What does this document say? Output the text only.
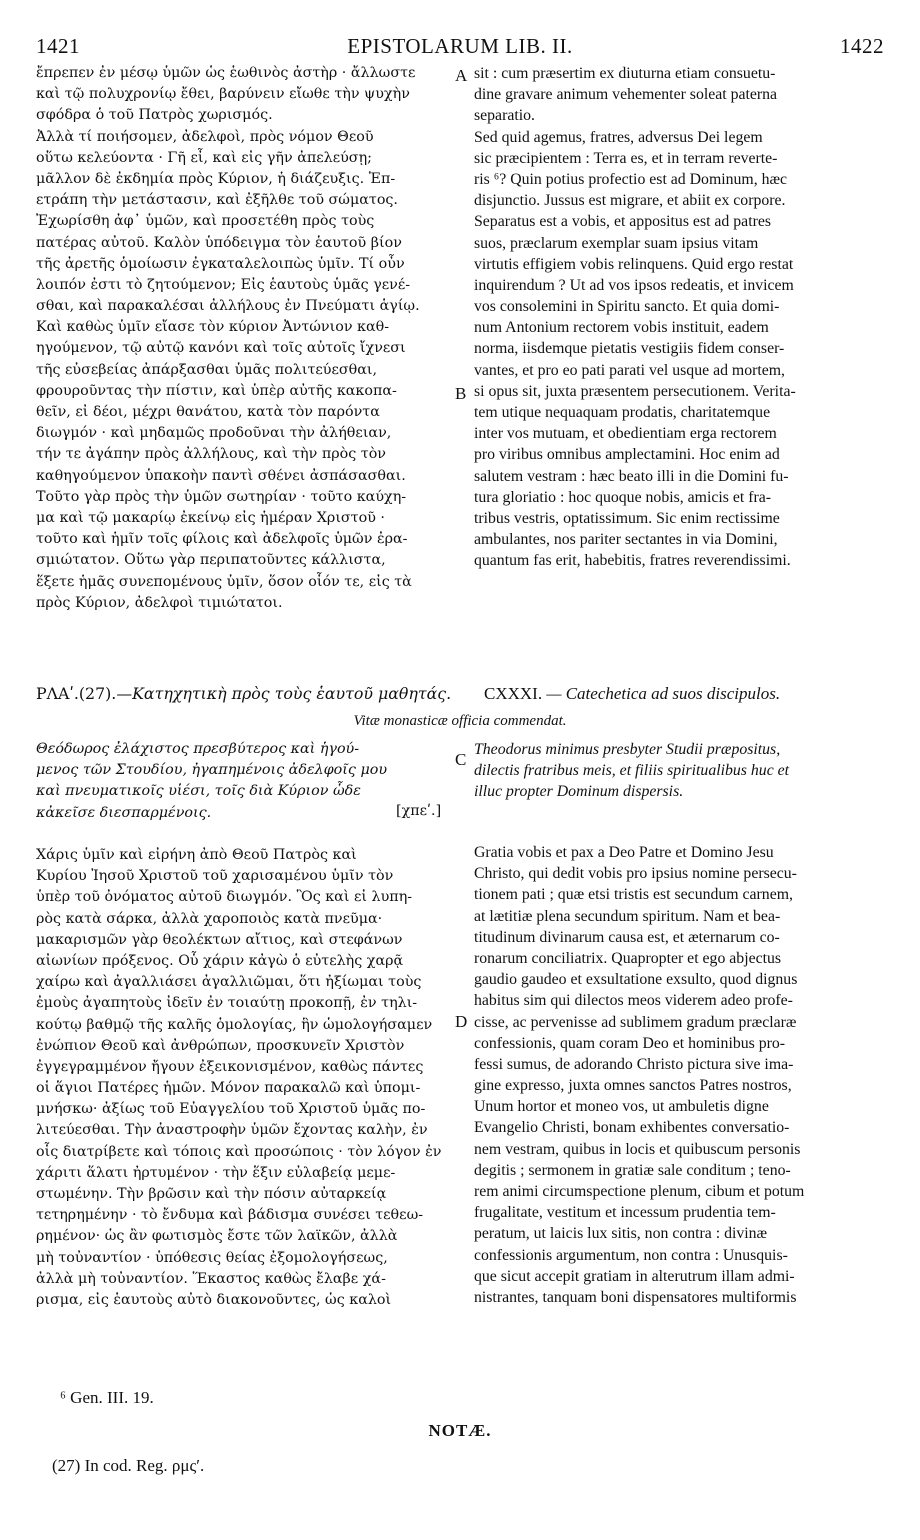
1421	EPISTOLARUM LIB. II.	1422
ἔπρεπεν ἐν μέσῳ ὑμῶν ὡς ἑωθινὸς ἀστὴρ · ἄλλωστε
καὶ τῷ πολυχρονίῳ ἔθει, βαρύνειν εἴωθε τὴν ψυχὴν
σφόδρα ὁ τοῦ Πατρὸς χωρισμός.
Ἀλλὰ τί ποιήσομεν, ἀδελφοὶ, πρὸς νόμον Θεοῦ
οὕτω κελεύοντα · Γῆ εἶ, καὶ εἰς γῆν ἀπελεύσῃ;
μᾶλλον δὲ ἐκδημία πρὸς Κύριον, ἡ διάζευξις. Ἐπ-
ετράπη τὴν μετάστασιν, καὶ ἐξῆλθε τοῦ σώματος.
Ἐχωρίσθη ἀφ᾽ ὑμῶν, καὶ προσετέθη πρὸς τοὺς
πατέρας αὐτοῦ. Καλὸν ὑπόδειγμα τὸν ἑαυτοῦ βίον
τῆς ἀρετῆς ὁμοίωσιν ἐγκαταλελοιπὼς ὑμῖν. Τί οὖν
λοιπόν ἐστι τὸ ζητούμενον; Εἰς ἑαυτοὺς ὑμᾶς γενέ-
σθαι, καὶ παρακαλέσαι ἀλλήλους ἐν Πνεύματι ἁγίῳ.
Καὶ καθὼς ὑμῖν εἴασε τὸν κύριον Ἀντώνιον καθ-
ηγούμενον, τῷ αὐτῷ κανόνι καὶ τοῖς αὐτοῖς ἴχνεσι
τῆς εὐσεβείας ἀπάρξασθαι ὑμᾶς πολιτεύεσθαι,
φρουροῦντας τὴν πίστιν, καὶ ὑπὲρ αὐτῆς κακοπα-
θεῖν, εἰ δέοι, μέχρι θανάτου, κατὰ τὸν παρόντα
διωγμόν · καὶ μηδαμῶς προδοῦναι τὴν ἀλήθειαν,
τήν τε ἀγάπην πρὸς ἀλλήλους, καὶ τὴν πρὸς τὸν
καθηγούμενον ὑπακοὴν παντὶ σθένει ἀσπάσασθαι.
Τοῦτο γὰρ πρὸς τὴν ὑμῶν σωτηρίαν · τοῦτο καύχη-
μα καὶ τῷ μακαρίῳ ἐκείνῳ εἰς ἡμέραν Χριστοῦ ·
τοῦτο καὶ ἡμῖν τοῖς φίλοις καὶ ἀδελφοῖς ὑμῶν ἐρα-
σμιώτατον. Οὕτω γὰρ περιπατοῦντες κάλλιστα,
ἕξετε ἡμᾶς συνεπομένους ὑμῖν, ὅσον οἷόν τε, εἰς τὰ
πρὸς Κύριον, ἀδελφοὶ τιμιώτατοι.
sit : cum præsertim ex diuturna etiam consuetu-
dine gravare animum vehementer soleat paterna
separatio.
Sed quid agemus, fratres, adversus Dei legem
sic præcipientem : Terra es, et in terram reverte-
ris ⁶? Quin potius profectio est ad Dominum, hæc
disjunctio. Jussus est migrare, et abiit ex corpore.
Separatus est a vobis, et appositus est ad patres
suos, præclarum exemplar suam ipsius vitam
virtutis effigiem vobis relinquens. Quid ergo restat
inquirendum ? Ut ad vos ipsos redeatis, et invicem
vos consolemini in Spiritu sancto. Et quia domi-
num Antonium rectorem vobis instituit, eadem
norma, iisdemque pietatis vestigiis fidem conser-
vantes, et pro eo pati parati vel usque ad mortem,
si opus sit, juxta præsentem persecutionem. Verita-
tem utique nequaquam prodatis, charitatemque
inter vos mutuam, et obedientiam erga rectorem
pro viribus omnibus amplectamini. Hoc enim ad
salutem vestram : hæc beato illi in die Domini fu-
tura gloriatio : hoc quoque nobis, amicis et fra-
tribus vestris, optatissimum. Sic enim rectissime
ambulantes, nos pariter sectantes in via Domini,
quantum fas erit, habebitis, fratres reverendissimi.
A
B
ΡΛΑʹ.(27).—Κατηχητικὴ πρὸς τοὺς ἑαυτοῦ μαθητάς. CXXXI. — Catechetica ad suos discipulos.
Vitæ monasticæ officia commendat.
Θεόδωρος ἐλάχιστος πρεσβύτερος καὶ ἡγού-
μενος τῶν Στουδίου, ἠγαπημένοις ἀδελφοῖς μου
καὶ πνευματικοῖς υἱέσι, τοῖς διὰ Κύριον ὧδε
κἀκεῖσε διεσπαρμένοις.
C
[χπεʹ.]
Theodorus minimus presbyter Studii præpositus,
dilectis fratribus meis, et filiis spiritualibus huc et
illuc propter Dominum dispersis.
Χάρις ὑμῖν καὶ εἰρήνη ἀπὸ Θεοῦ Πατρὸς καὶ
Κυρίου Ἰησοῦ Χριστοῦ τοῦ χαρισαμένου ὑμῖν τὸν
ὑπὲρ τοῦ ὀνόματος αὐτοῦ διωγμόν. Ὃς καὶ εἰ λυπη-
ρὸς κατὰ σάρκα, ἀλλὰ χαροποιὸς κατὰ πνεῦμα·
μακαρισμῶν γὰρ θεολέκτων αἴτιος, καὶ στεφάνων
αἰωνίων πρόξενος. Οὗ χάριν κἀγὼ ὁ εὐτελὴς χαρᾷ
χαίρω καὶ ἀγαλλιάσει ἀγαλλιῶμαι, ὅτι ἠξίωμαι τοὺς
ἐμοὺς ἀγαπητοὺς ἰδεῖν ἐν τοιαύτῃ προκοπῇ, ἐν τηλι-
κούτῳ βαθμῷ τῆς καλῆς ὁμολογίας, ἣν ὡμολογήσαμεν
ἐνώπιον Θεοῦ καὶ ἀνθρώπων, προσκυνεῖν Χριστὸν
ἐγγεγραμμένον ἤγουν ἐξεικονισμένον, καθὼς πάντες
οἱ ἅγιοι Πατέρες ἡμῶν. Μόνον παρακαλῶ καὶ ὑπομι-
μνήσκω· ἀξίως τοῦ Εὐαγγελίου τοῦ Χριστοῦ ὑμᾶς πο-
λιτεύεσθαι. Τὴν ἀναστροφὴν ὑμῶν ἔχοντας καλὴν, ἐν
οἷς διατρίβετε καὶ τόποις καὶ προσώποις · τὸν λόγον ἐν
χάριτι ἅλατι ἠρτυμένον · τὴν ἕξιν εὐλαβείᾳ μεμε-
στωμένην. Τὴν βρῶσιν καὶ τὴν πόσιν αὐταρκείᾳ
τετηρημένην · τὸ ἔνδυμα καὶ βάδισμα συνέσει τεθεω-
ρημένον· ὡς ἂν φωτισμὸς ἔστε τῶν λαϊκῶν, ἀλλὰ
μὴ τοὐναντίον · ὑπόθεσις θείας ἐξομολογήσεως,
ἀλλὰ μὴ τοὐναντίον. Ἕκαστος καθὼς ἔλαβε χά-
ρισμα, εἰς ἑαυτοὺς αὐτὸ διακονοῦντες, ὡς καλοὶ
Gratia vobis et pax a Deo Patre et Domino Jesu
Christo, qui dedit vobis pro ipsius nomine persecu-
tionem pati ; quæ etsi tristis est secundum carnem,
at lætitiæ plena secundum spiritum. Nam et bea-
titudinum divinarum causa est, et æternarum co-
ronarum conciliatrix. Quapropter et ego abjectus
gaudio gaudeo et exsultatione exsulto, quod dignus
habitus sim qui dilectos meos viderem adeo profe-
cisse, ac pervenisse ad sublimem gradum præclaræ
confessionis, quam coram Deo et hominibus pro-
fessi sumus, de adorando Christo pictura sive ima-
gine expresso, juxta omnes sanctos Patres nostros,
Unum hortor et moneo vos, ut ambuletis digne
Evangelio Christi, bonam exhibentes conversatio-
nem vestram, quibus in locis et quibuscum personis
degitis ; sermonem in gratiæ sale conditum ; teno-
rem animi circumspectione plenum, cibum et potum
frugalitate, vestitum et incessum prudentia tem-
peratum, ut laicis lux sitis, non contra : divinæ
confessionis argumentum, non contra : Unusquis-
que sicut accepit gratiam in alterutrum illam admi-
nistrantes, tanquam boni dispensatores multiformis
D
⁶ Gen. III. 19.
NOTÆ.
(27) In cod. Reg. ρμςʹ.
